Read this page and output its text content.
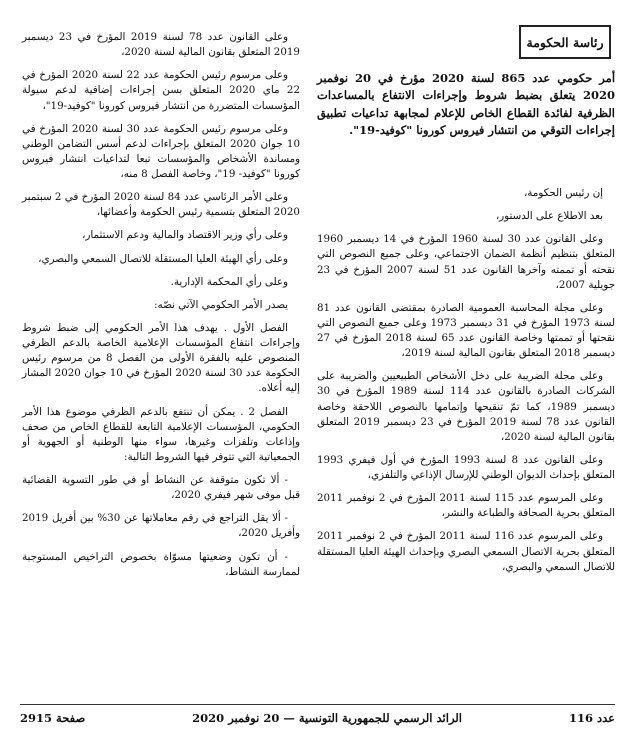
رئاسة الحكومة
أمر حكومي عدد 865 لسنة 2020 مؤرخ في 20 نوفمبر 2020 يتعلق بضبط شروط وإجراءات الانتفاع بالمساعدات الظرفية لفائدة القطاع الخاص للإعلام لمجابهة تداعيات تطبيق إجراءات التوقي من انتشار فيروس كورونا "كوفيد-19".

إن رئيس الحكومة،

بعد الاطلاع على الدستور،

وعلى القانون عدد 30 لسنة 1960 المؤرخ في 14 ديسمبر 1960 المتعلق بتنظيم أنظمة الضمان الاجتماعي، وعلى جميع النصوص التي نقحته أو تممته وآخرها القانون عدد 51 لسنة 2007 المؤرخ في 23 جويلية 2007،

وعلى مجلة المحاسبة العمومية الصادرة بمقتضى القانون عدد 81 لسنة 1973 المؤرخ في 31 ديسمبر 1973 وعلى جميع النصوص التي نقحتها أو تممتها وخاصة القانون عدد 65 لسنة 2018 المؤرخ في 27 ديسمبر 2018 المتعلق بقانون المالية لسنة 2019،

وعلى مجلة الضريبة على دخل الأشخاص الطبيعيين والضريبة على الشركات الصادرة بالقانون عدد 114 لسنة 1989 المؤرخ في 30 ديسمبر 1989، كما تمّ تنقيحها وإتمامها بالنصوص اللاحقة وخاصة القانون عدد 78 لسنة 2019 المؤرخ في 23 ديسمبر 2019 المتعلق بقانون المالية لسنة 2020،

وعلى القانون عدد 8 لسنة 1993 المؤرخ في أول فيفري 1993 المتعلق بإحداث الديوان الوطني للإرسال الإذاعي والتلفزي،

وعلى المرسوم عدد 115 لسنة 2011 المؤرخ في 2 نوفمبر 2011 المتعلق بحرية الصحافة والطباعة والنشر،

وعلى المرسوم عدد 116 لسنة 2011 المؤرخ في 2 نوفمبر 2011 المتعلق بحرية الاتصال السمعي البصري وبإحداث الهيئة العليا المستقلة للاتصال السمعي والبصري،

وعلى القانون عدد 78 لسنة 2019 المؤرخ في 23 ديسمبر 2019 المتعلق بقانون المالية لسنة 2020،

وعلى مرسوم رئيس الحكومة عدد 22 لسنة 2020 المؤرخ في 22 ماي 2020 المتعلق بسن إجراءات إضافية لدعم سيولة المؤسسات المتضررة من انتشار فيروس كورونا "كوفيد-19"،

وعلى مرسوم رئيس الحكومة عدد 30 لسنة 2020 المؤرخ في 10 جوان 2020 المتعلق بإجراءات لدعم أسس التضامن الوطني ومساندة الأشخاص والمؤسسات تبعا لتداعيات انتشار فيروس كورونا "كوفيد- 19"، وخاصة الفصل 8 منه،

وعلى الأمر الرئاسي عدد 84 لسنة 2020 المؤرخ في 2 سبتمبر 2020 المتعلق بتسمية رئيس الحكومة وأعضائها،

وعلى رأي وزير الاقتصاد والمالية ودعم الاستثمار،

وعلى رأي الهيئة العليا المستقلة للاتصال السمعي والبصري،

وعلى رأي المحكمة الإدارية.

يصدر الأمر الحكومي الآتي نصّه:

الفصل الأول . يهدف هذا الأمر الحكومي إلى ضبط شروط وإجراءات انتفاع المؤسسات الإعلامية الخاصة بالدعم الظرفي المنصوص عليه بالفقرة الأولى من الفصل 8 من مرسوم رئيس الحكومة عدد 30 لسنة 2020 المؤرخ في 10 جوان 2020 المشار إليه أعلاه.

الفصل 2 . يمكن أن تنتفع بالدعم الظرفي موضوع هذا الأمر الحكومي، المؤسسات الإعلامية التابعة للقطاع الخاص من صحف وإذاعات وتلفزات وغيرها، سواء منها الوطنية أو الجهوية أو الجمعياتية التي تتوفر فيها الشروط التالية:

- ألا تكون متوقفة عن النشاط أو في طور التسوية القضائية قبل موفى شهر فيفري 2020،

- ألا يقل التراجع في رقم معاملاتها عن 30% بين أفريل 2019 وأفريل 2020،

- أن تكون وضعيتها مسوّاة بخصوص التراخيص المستوجبة لممارسة النشاط،

عدد 116
الرائد الرسمي للجمهورية التونسية — 20 نوفمبر 2020
صفحة 2915
